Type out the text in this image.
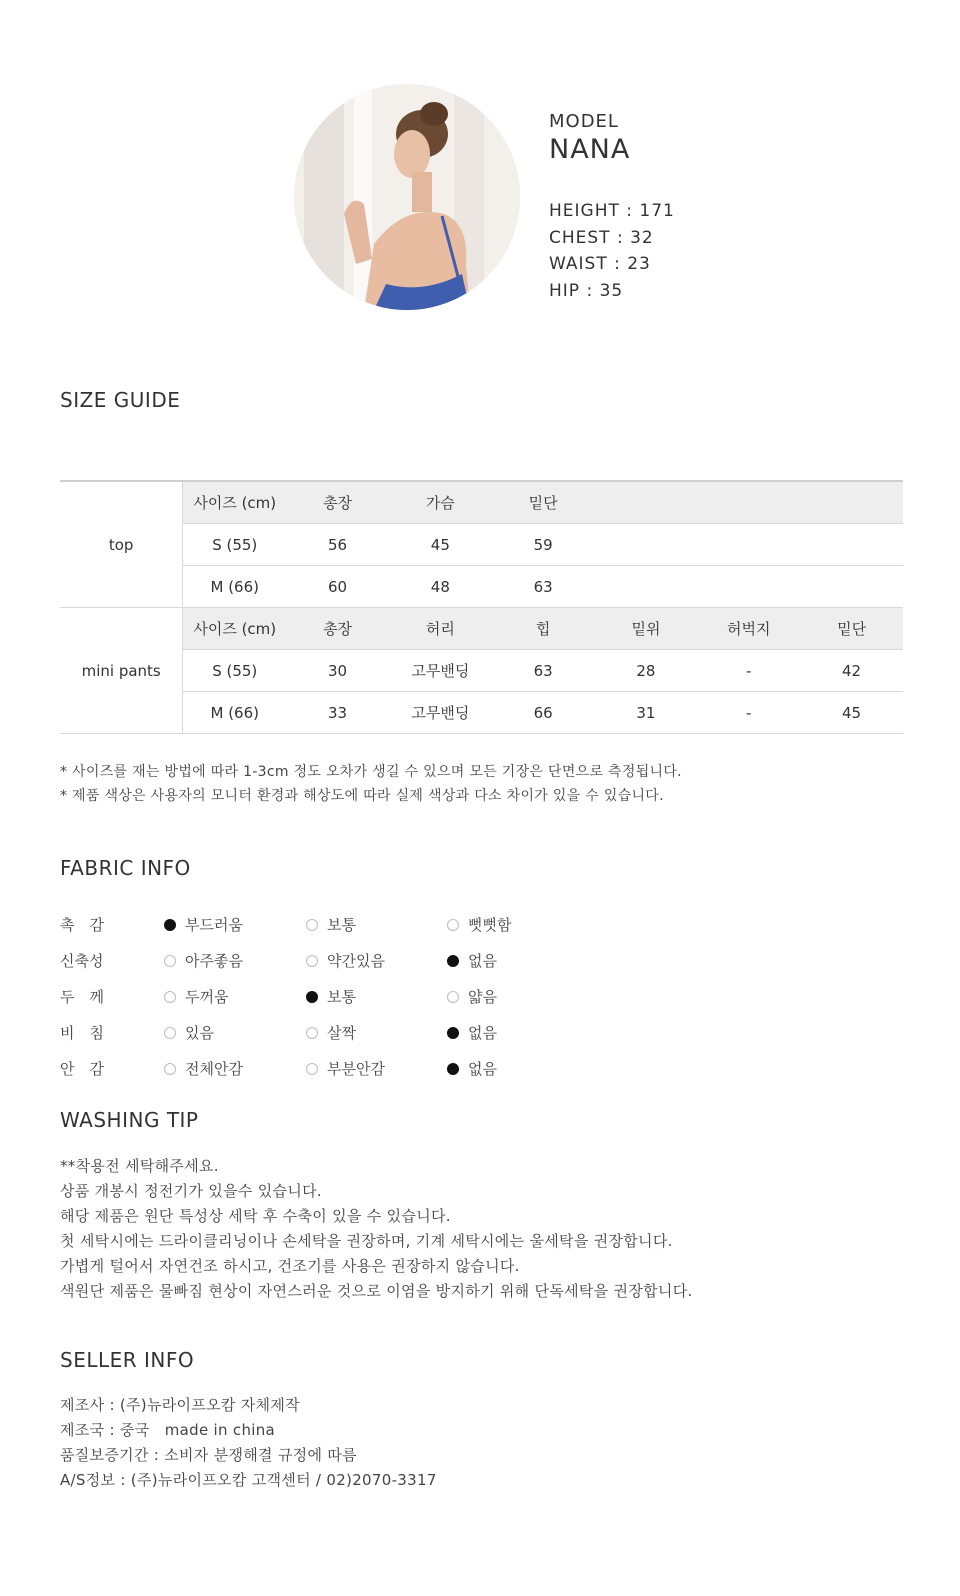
MODEL
NANA
HEIGHT : 171
CHEST : 32
WAIST : 23
HIP : 35
SIZE GUIDE
top	사이즈 (cm)	총장	가슴	밑단			
	S (55)	56	45	59			
	M (66)	60	48	63			
mini pants	사이즈 (cm)	총장	허리	힙	밑위	허벅지	밑단
	S (55)	30	고무밴딩	63	28	-	42
	M (66)	33	고무밴딩	66	31	-	45
* 사이즈를 재는 방법에 따라 1-3cm 정도 오차가 생길 수 있으며 모든 기장은 단면으로 측정됩니다.
* 제품 색상은 사용자의 모니터 환경과 해상도에 따라 실제 색상과 다소 차이가 있을 수 있습니다.
FABRIC INFO
촉　감	부드러움	보통	뻣뻣함
신축성	아주좋음	약간있음	없음
두　께	두꺼움	보통	얇음
비　침	있음	살짝	없음
안　감	전체안감	부분안감	없음
WASHING TIP
**착용전 세탁해주세요.
상품 개봉시 정전기가 있을수 있습니다.
해당 제품은 원단 특성상 세탁 후 수축이 있을 수 있습니다.
첫 세탁시에는 드라이클리닝이나 손세탁을 권장하며, 기계 세탁시에는 울세탁을 권장합니다.
가볍게 털어서 자연건조 하시고, 건조기를 사용은 권장하지 않습니다.
색원단 제품은 물빠짐 현상이 자연스러운 것으로 이염을 방지하기 위해 단독세탁을 권장합니다.
SELLER INFO
제조사 : (주)뉴라이프오캄 자체제작
제조국 : 중국　made in china
품질보증기간 : 소비자 분쟁해결 규정에 따름
A/S정보 : (주)뉴라이프오캄 고객센터 / 02)2070-3317
